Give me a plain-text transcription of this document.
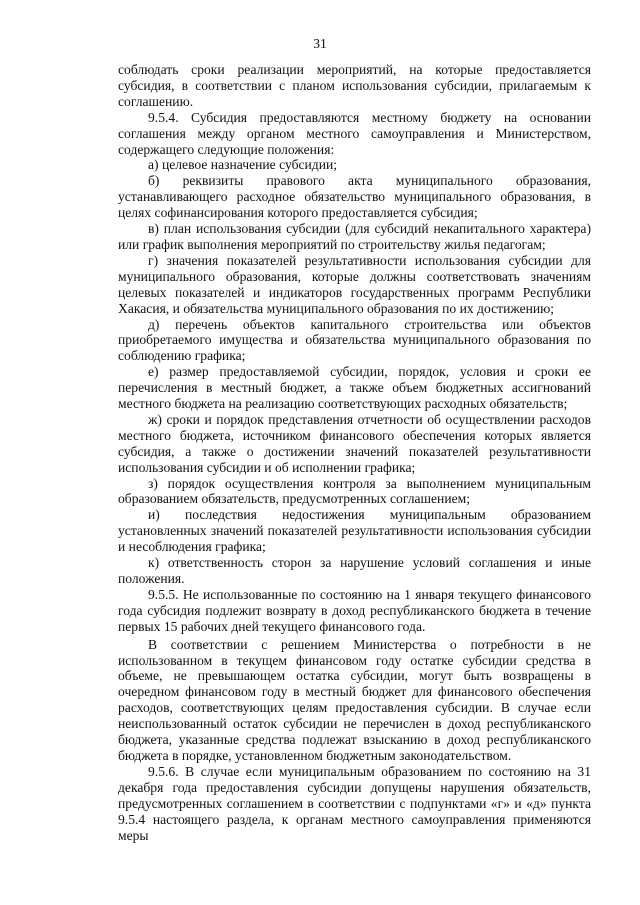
31

соблюдать сроки реализации мероприятий, на которые предоставляется субсидия, в соответствии с планом использования субсидии, прилагаемым к соглашению.

9.5.4. Субсидия предоставляются местному бюджету на основании соглашения между органом местного самоуправления и Министерством, содержащего следующие положения:

а) целевое назначение субсидии;

б) реквизиты правового акта муниципального образования, устанавливающего расходное обязательство муниципального образования, в целях софинансирования которого предоставляется субсидия;

в) план использования субсидии (для субсидий некапитального характера) или график выполнения мероприятий по строительству жилья педагогам;

г) значения показателей результативности использования субсидии для муниципального образования, которые должны соответствовать значениям целевых показателей и индикаторов государственных программ Республики Хакасия, и обязательства муниципального образования по их достижению;

д) перечень объектов капитального строительства или объектов приобретаемого имущества и обязательства муниципального образования по соблюдению графика;

е) размер предоставляемой субсидии, порядок, условия и сроки ее перечисления в местный бюджет, а также объем бюджетных ассигнований местного бюджета на реализацию соответствующих расходных обязательств;

ж) сроки и порядок представления отчетности об осуществлении расходов местного бюджета, источником финансового обеспечения которых является субсидия, а также о достижении значений показателей результативности использования субсидии и об исполнении графика;

з) порядок осуществления контроля за выполнением муниципальным образованием обязательств, предусмотренных соглашением;

и) последствия недостижения муниципальным образованием установленных значений показателей результативности использования субсидии и несоблюдения графика;

к) ответственность сторон за нарушение условий соглашения и иные положения.

9.5.5. Не использованные по состоянию на 1 января текущего финансового года субсидия подлежит возврату в доход республиканского бюджета в течение первых 15 рабочих дней текущего финансового года.

В соответствии с решением Министерства о потребности в не использованном в текущем финансовом году остатке субсидии средства в объеме, не превышающем остатка субсидии, могут быть возвращены в очередном финансовом году в местный бюджет для финансового обеспечения расходов, соответствующих целям предоставления субсидии. В случае если неиспользованный остаток субсидии не перечислен в доход республиканского бюджета, указанные средства подлежат взысканию в доход республиканского бюджета в порядке, установленном бюджетным законодательством.

9.5.6. В случае если муниципальным образованием по состоянию на 31 декабря года предоставления субсидии допущены нарушения обязательств, предусмотренных соглашением в соответствии с подпунктами «г» и «д» пункта 9.5.4 настоящего раздела, к органам местного самоуправления применяются меры
